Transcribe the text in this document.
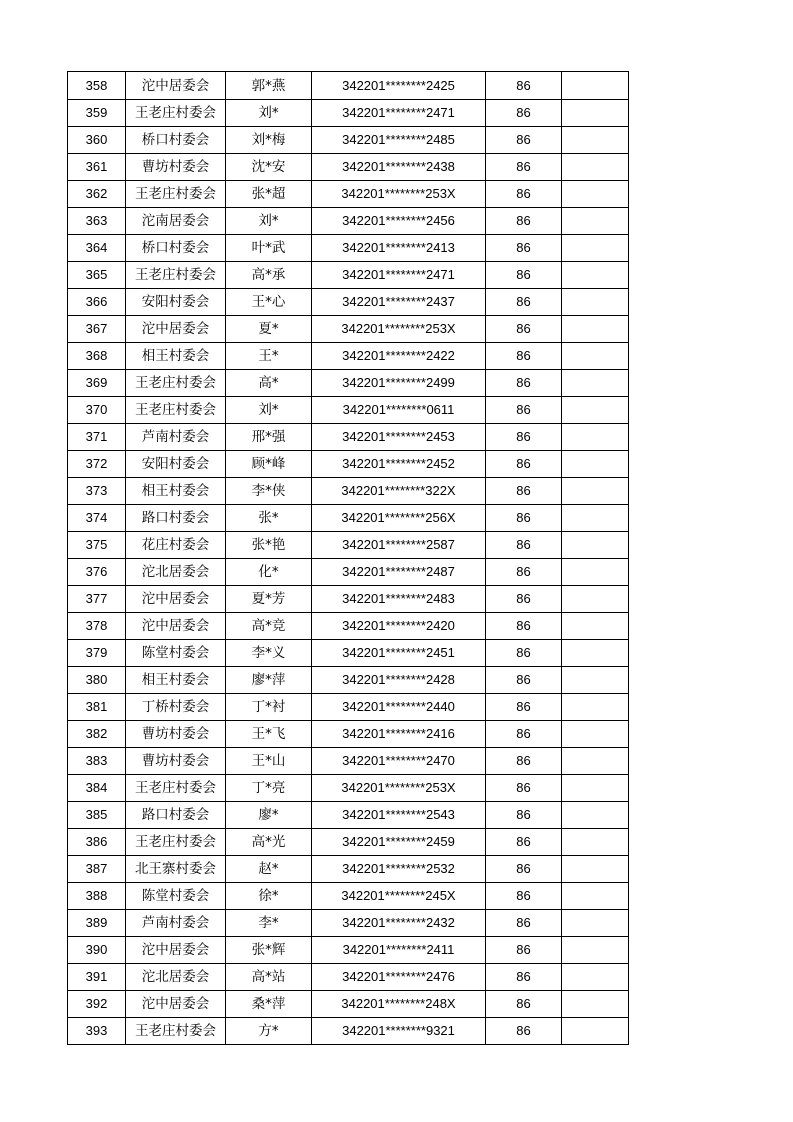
358	沱中居委会	郭*燕	342201********2425	86	
359	王老庄村委会	刘*	342201********2471	86	
360	桥口村委会	刘*梅	342201********2485	86	
361	曹坊村委会	沈*安	342201********2438	86	
362	王老庄村委会	张*超	342201********253X	86	
363	沱南居委会	刘*	342201********2456	86	
364	桥口村委会	叶*武	342201********2413	86	
365	王老庄村委会	高*承	342201********2471	86	
366	安阳村委会	王*心	342201********2437	86	
367	沱中居委会	夏*	342201********253X	86	
368	相王村委会	王*	342201********2422	86	
369	王老庄村委会	高*	342201********2499	86	
370	王老庄村委会	刘*	342201********0611	86	
371	芦南村委会	邢*强	342201********2453	86	
372	安阳村委会	顾*峰	342201********2452	86	
373	相王村委会	李*侠	342201********322X	86	
374	路口村委会	张*	342201********256X	86	
375	花庄村委会	张*艳	342201********2587	86	
376	沱北居委会	化*	342201********2487	86	
377	沱中居委会	夏*芳	342201********2483	86	
378	沱中居委会	高*竞	342201********2420	86	
379	陈堂村委会	李*义	342201********2451	86	
380	相王村委会	廖*萍	342201********2428	86	
381	丁桥村委会	丁*衬	342201********2440	86	
382	曹坊村委会	王*飞	342201********2416	86	
383	曹坊村委会	王*山	342201********2470	86	
384	王老庄村委会	丁*亮	342201********253X	86	
385	路口村委会	廖*	342201********2543	86	
386	王老庄村委会	高*光	342201********2459	86	
387	北王寨村委会	赵*	342201********2532	86	
388	陈堂村委会	徐*	342201********245X	86	
389	芦南村委会	李*	342201********2432	86	
390	沱中居委会	张*辉	342201********2411	86	
391	沱北居委会	高*站	342201********2476	86	
392	沱中居委会	桑*萍	342201********248X	86	
393	王老庄村委会	方*	342201********9321	86	
